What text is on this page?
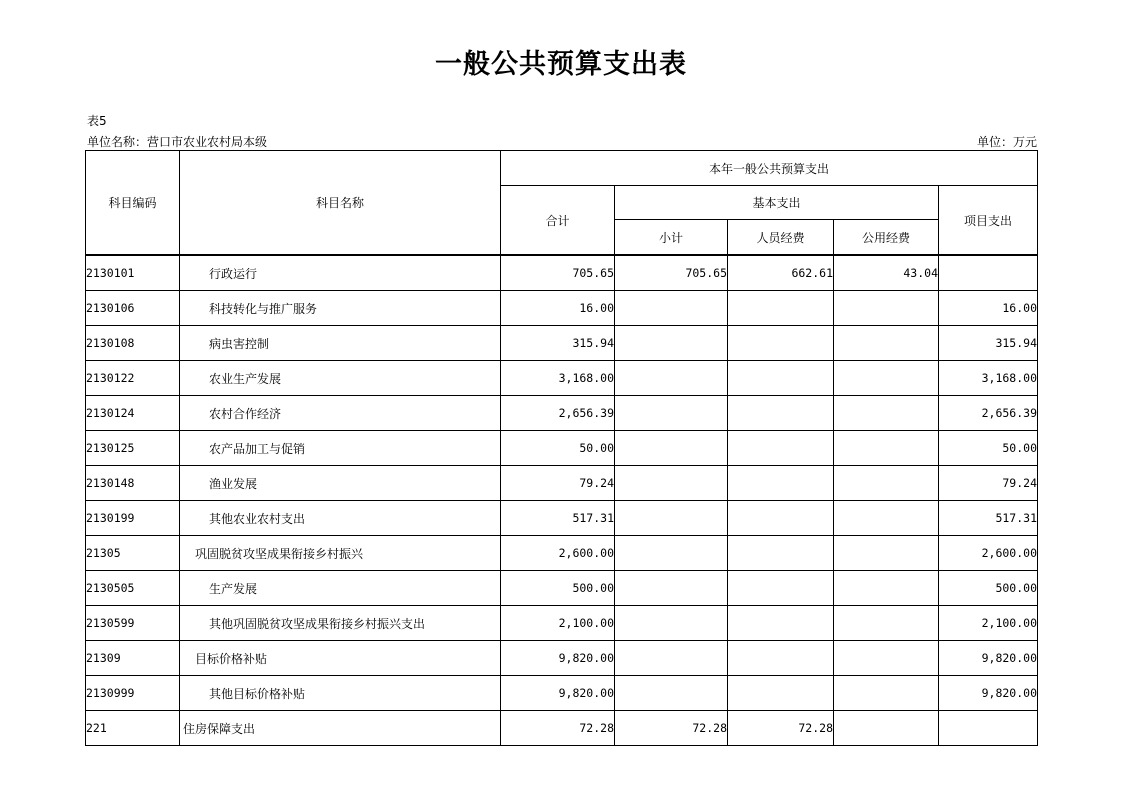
一般公共预算支出表
表5
单位名称：营口市农业农村局本级	单位：万元
科目编码	科目名称	本年一般公共预算支出				
		合计	基本支出			项目支出
			小计	人员经费	公用经费	
2130101	行政运行	705.65	705.65	662.61	43.04	
2130106	科技转化与推广服务	16.00				16.00
2130108	病虫害控制	315.94				315.94
2130122	农业生产发展	3,168.00				3,168.00
2130124	农村合作经济	2,656.39				2,656.39
2130125	农产品加工与促销	50.00				50.00
2130148	渔业发展	79.24				79.24
2130199	其他农业农村支出	517.31				517.31
21305	巩固脱贫攻坚成果衔接乡村振兴	2,600.00				2,600.00
2130505	生产发展	500.00				500.00
2130599	其他巩固脱贫攻坚成果衔接乡村振兴支出	2,100.00				2,100.00
21309	目标价格补贴	9,820.00				9,820.00
2130999	其他目标价格补贴	9,820.00				9,820.00
221	住房保障支出	72.28	72.28	72.28		
